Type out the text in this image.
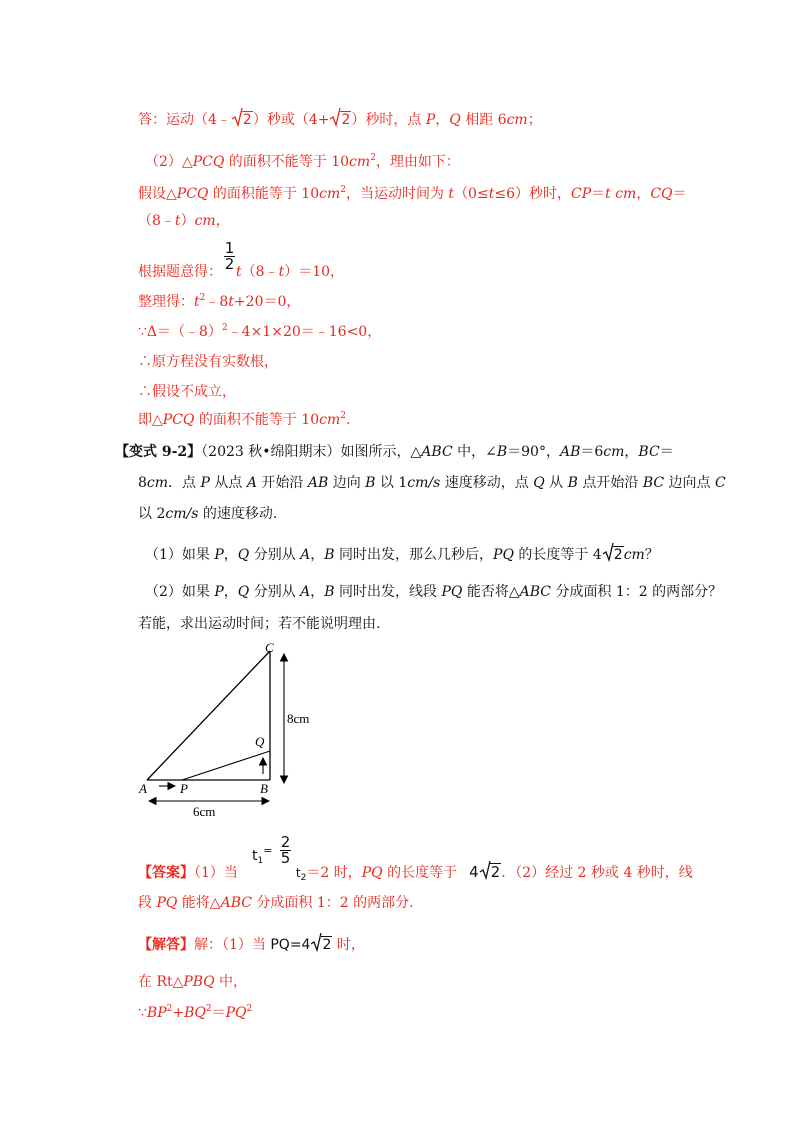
答：运动（4﹣ 2）秒或（4+ 2）秒时，点 P，Q 相距 6cm；
（2）△PCQ 的面积不能等于 $10cm^2$，理由如下：
假设△PCQ 的面积能等于 $10cm^2$，当运动时间为 t（0≤t≤6）秒时，CP＝t cm，CQ＝
（8﹣t）cm，
1
2
根据题意得： t（8﹣t）＝10，
整理得：$t^2﹣8t+20=0$，
∵Δ＝（﹣8）$^2$﹣4×1×20＝﹣16<0，
∴原方程没有实数根，
∴假设不成立，
即△PCQ 的面积不能等于 $10cm^2$.
【变式 9-2】（2023 秋•绵阳期末）如图所示，△ABC 中，∠B＝90°，AB＝6cm，BC＝
8cm．点 P 从点 A 开始沿 AB 边向 B 以 1cm/s 速度移动，点 Q 从 B 点开始沿 BC 边向点 C
以 2cm/s 的速度移动.
（1）如果 P，Q 分别从 A，B 同时出发，那么几秒后，PQ 的长度等于 4 2cm？
（2）如果 P，Q 分别从 A，B 同时出发，线段 PQ 能否将△ABC 分成面积 1：2 的两部分？
若能，求出运动时间；若不能说明理由.
C
Q
A	P	B
8cm
6cm
$t_1^=$ 2
5
【答案】（1）当	$t_2=2$ 时，PQ 的长度等于 4 2．（2）经过 2 秒或 4 秒时，线
段 PQ 能将△ABC 分成面积 1：2 的两部分.
【解答】解：（1）当 PQ=4 2 时，
在 Rt△PBQ 中，
$\because BP^2+BQ^2=PQ^2$
